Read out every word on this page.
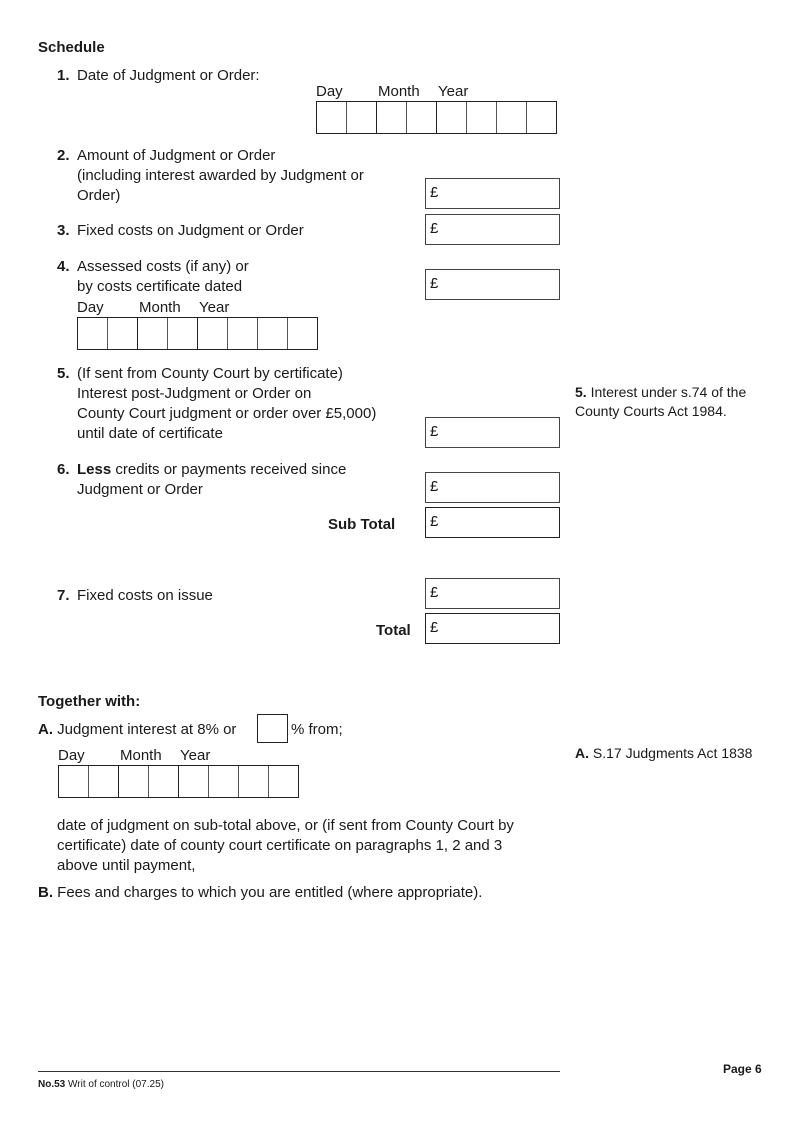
Schedule
1. Date of Judgment or Order:
Day Month Year
2. Amount of Judgment or Order
(including interest awarded by Judgment or
Order)	£
3. Fixed costs on Judgment or Order	£
4. Assessed costs (if any) or
by costs certificate dated	£
Day Month Year
5. (If sent from County Court by certificate)
Interest post-Judgment or Order on
County Court judgment or order over £5,000)
until date of certificate	£

5. Interest under s.74 of the
County Courts Act 1984.

6. Less credits or payments received since
Judgment or Order	£
Sub Total £
7. Fixed costs on issue	£
Total £
Together with:
A. Judgment interest at 8% or	% from;

A. S.17 Judgments Act 1838

Day Month Year
date of judgment on sub-total above, or (if sent from County Court by
certificate) date of county court certificate on paragraphs 1, 2 and 3
above until payment,
B. Fees and charges to which you are entitled (where appropriate).
Page 6
No.53 Writ of control (07.25)
